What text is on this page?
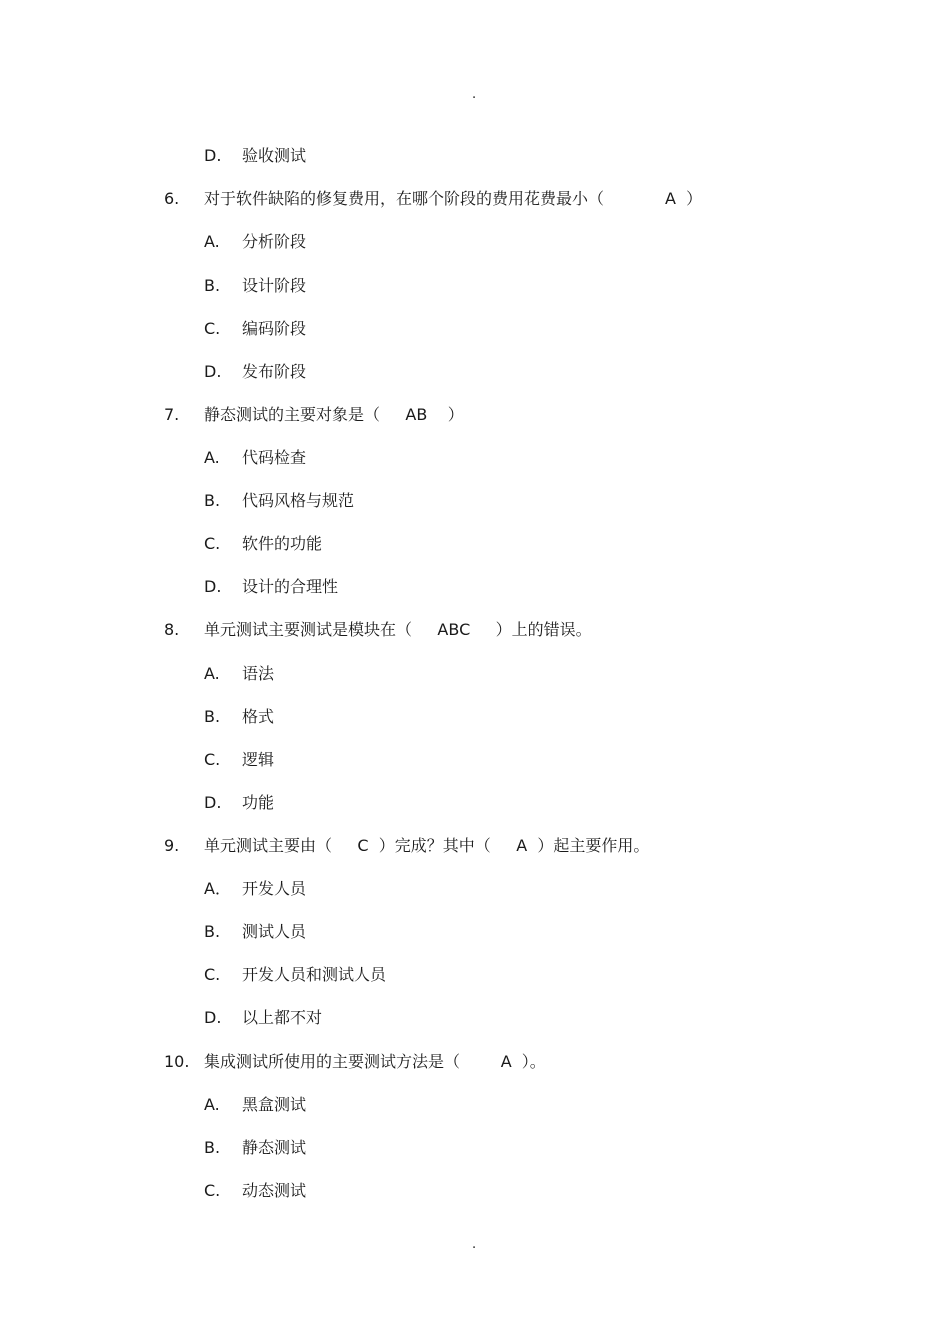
.
D. 验收测试
6. 对于软件缺陷的修复费用，在哪个阶段的费用花费最小（            A  ）
A. 分析阶段
B. 设计阶段
C. 编码阶段
D. 发布阶段
7. 静态测试的主要对象是（     AB    ）
A. 代码检查
B. 代码风格与规范
C. 软件的功能
D. 设计的合理性
8. 单元测试主要测试是模块在（     ABC     ）上的错误。
A. 语法
B. 格式
C. 逻辑
D. 功能
9. 单元测试主要由（     C  ）完成？其中（     A  ）起主要作用。
A． 开发人员
B. 测试人员
C. 开发人员和测试人员
D. 以上都不对
10. 集成测试所使用的主要测试方法是（        A  ）。
A. 黑盒测试
B. 静态测试
C. 动态测试
.
